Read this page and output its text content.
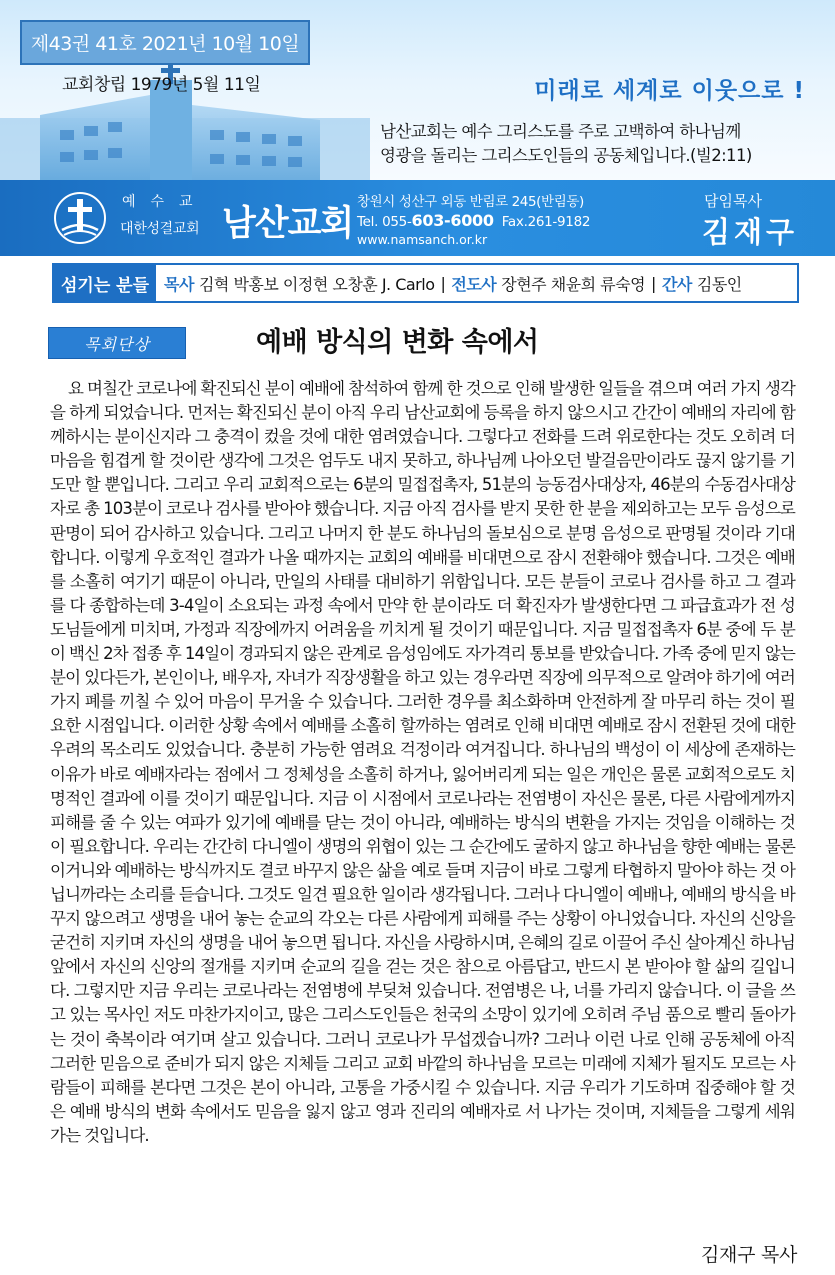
제43권 41호 2021년 10월 10일
교회창립 1979년 5월 11일	미래로 세계로 이웃으로 !
남산교회는 예수 그리스도를 주로 고백하여 하나님께
영광을 돌리는 그리스도인들의 공동체입니다.(빌2:11)
예수교
대한성결교회 남산교회
창원시 성산구 외동 반림로 245(반림동)
Tel. 055-603-6000 Fax.261-9182
www.namsanch.or.kr
담임목사
김재구
섬기는 분들 목사 김혁 박홍보 이정현 오창훈 J. Carlo | 전도사 장현주 채윤희 류숙영 | 간사 김동인
목회단상	예배 방식의 변화 속에서

요 며칠간 코로나에 확진되신 분이 예배에 참석하여 함께 한 것으로 인해 발생한 일들을 겪으며 여러 가지 생각을 하게 되었습니다. 먼저는 확진되신 분이 아직 우리 남산교회에 등록을 하지 않으시고 간간이 예배의 자리에 함께하시는 분이신지라 그 충격이 컸을 것에 대한 염려였습니다. 그렇다고 전화를 드려 위로한다는 것도 오히려 더 마음을 힘겹게 할 것이란 생각에 그것은 엄두도 내지 못하고, 하나님께 나아오던 발걸음만이라도 끊지 않기를 기도만 할 뿐입니다. 그리고 우리 교회적으로는 6분의 밀접접촉자, 51분의 능동검사대상자, 46분의 수동검사대상자로 총 103분이 코로나 검사를 받아야 했습니다. 지금 아직 검사를 받지 못한 한 분을 제외하고는 모두 음성으로 판명이 되어 감사하고 있습니다. 그리고 나머지 한 분도 하나님의 돌보심으로 분명 음성으로 판명될 것이라 기대합니다. 이렇게 우호적인 결과가 나올 때까지는 교회의 예배를 비대면으로 잠시 전환해야 했습니다. 그것은 예배를 소홀히 여기기 때문이 아니라, 만일의 사태를 대비하기 위함입니다. 모든 분들이 코로나 검사를 하고 그 결과를 다 종합하는데 3-4일이 소요되는 과정 속에서 만약 한 분이라도 더 확진자가 발생한다면 그 파급효과가 전 성도님들에게 미치며, 가정과 직장에까지 어려움을 끼치게 될 것이기 때문입니다. 지금 밀접접촉자 6분 중에 두 분이 백신 2차 접종 후 14일이 경과되지 않은 관계로 음성임에도 자가격리 통보를 받았습니다. 가족 중에 믿지 않는 분이 있다든가, 본인이나, 배우자, 자녀가 직장생활을 하고 있는 경우라면 직장에 의무적으로 알려야 하기에 여러 가지 폐를 끼칠 수 있어 마음이 무거울 수 있습니다. 그러한 경우를 최소화하며 안전하게 잘 마무리 하는 것이 필요한 시점입니다. 이러한 상황 속에서 예배를 소홀히 할까하는 염려로 인해 비대면 예배로 잠시 전환된 것에 대한 우려의 목소리도 있었습니다. 충분히 가능한 염려요 걱정이라 여겨집니다. 하나님의 백성이 이 세상에 존재하는 이유가 바로 예배자라는 점에서 그 정체성을 소홀히 하거나, 잃어버리게 되는 일은 개인은 물론 교회적으로도 치명적인 결과에 이를 것이기 때문입니다. 지금 이 시점에서 코로나라는 전염병이 자신은 물론, 다른 사람에게까지 피해를 줄 수 있는 여파가 있기에 예배를 닫는 것이 아니라, 예배하는 방식의 변환을 가지는 것임을 이해하는 것이 필요합니다. 우리는 간간히 다니엘이 생명의 위협이 있는 그 순간에도 굴하지 않고 하나님을 향한 예배는 물론이거니와 예배하는 방식까지도 결코 바꾸지 않은 삶을 예로 들며 지금이 바로 그렇게 타협하지 말아야 하는 것 아닙니까라는 소리를 듣습니다. 그것도 일견 필요한 일이라 생각됩니다. 그러나 다니엘이 예배나, 예배의 방식을 바꾸지 않으려고 생명을 내어 놓는 순교의 각오는 다른 사람에게 피해를 주는 상황이 아니었습니다. 자신의 신앙을 굳건히 지키며 자신의 생명을 내어 놓으면 됩니다. 자신을 사랑하시며, 은혜의 길로 이끌어 주신 살아계신 하나님 앞에서 자신의 신앙의 절개를 지키며 순교의 길을 걷는 것은 참으로 아름답고, 반드시 본 받아야 할 삶의 길입니다. 그렇지만 지금 우리는 코로나라는 전염병에 부딪쳐 있습니다. 전염병은 나, 너를 가리지 않습니다. 이 글을 쓰고 있는 목사인 저도 마찬가지이고, 많은 그리스도인들은 천국의 소망이 있기에 오히려 주님 품으로 빨리 돌아가는 것이 축복이라 여기며 살고 있습니다. 그러니 코로나가 무섭겠습니까? 그러나 이런 나로 인해 공동체에 아직 그러한 믿음으로 준비가 되지 않은 지체들 그리고 교회 바깥의 하나님을 모르는 미래에 지체가 될지도 모르는 사람들이 피해를 본다면 그것은 본이 아니라, 고통을 가중시킬 수 있습니다. 지금 우리가 기도하며 집중해야 할 것은 예배 방식의 변화 속에서도 믿음을 잃지 않고 영과 진리의 예배자로 서 나가는 것이며, 지체들을 그렇게 세워가는 것입니다.

김재구 목사
